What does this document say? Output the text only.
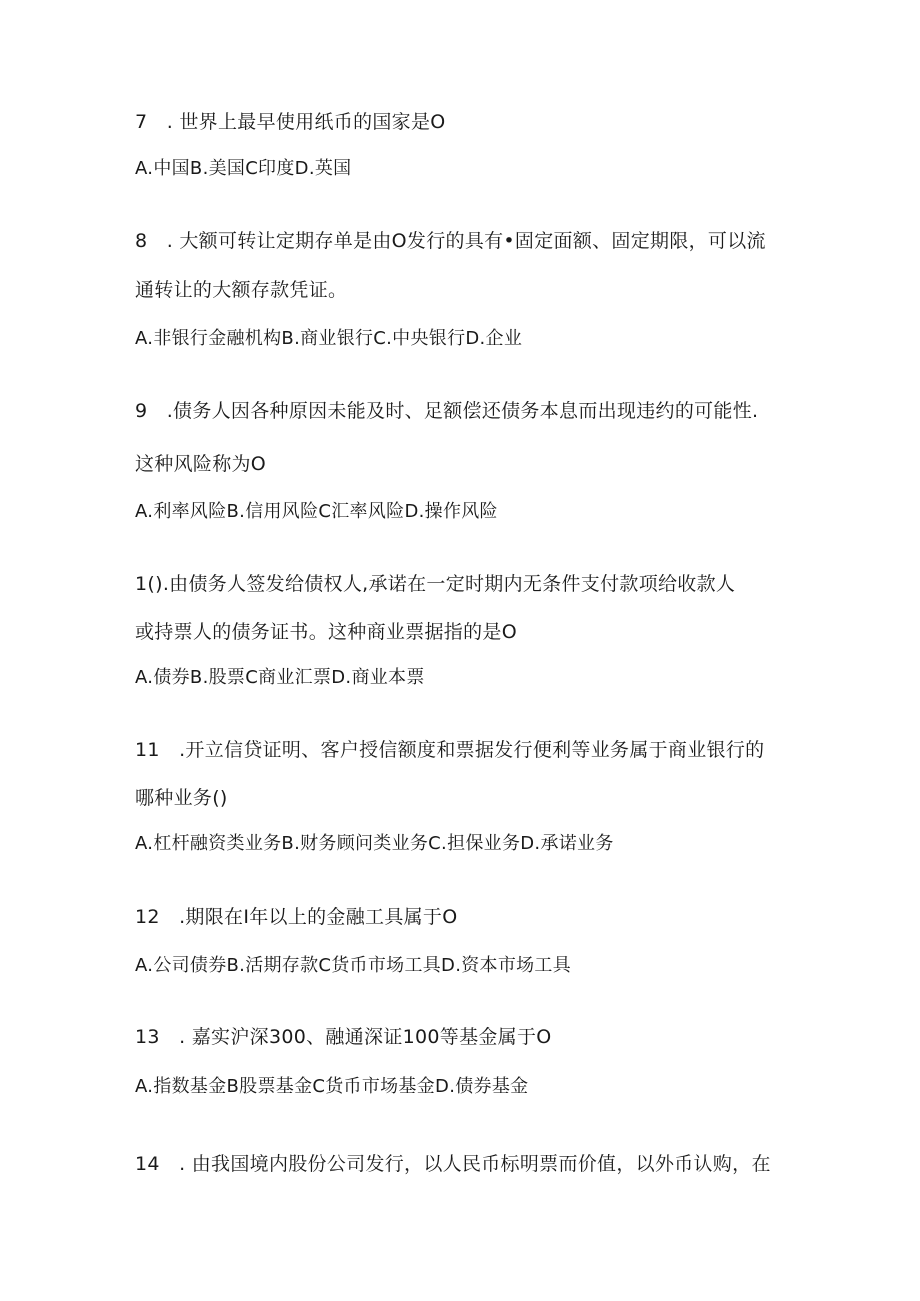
7　. 世界上最早使用纸币的国家是O
A.中国B.美国C印度D.英国
8　. 大额可转让定期存单是由O发行的具有•固定面额、固定期限，可以流
通转让的大额存款凭证。
A.非银行金融机构B.商业银行C.中央银行D.企业
9　.债务人因各种原因未能及时、足额偿还债务本息而出现违约的可能性.
这种风险称为O
A.利率风险B.信用风险C汇率风险D.操作风险
1().由债务人签发给债权人,承诺在一定时期内无条件支付款项给收款人
或持票人的债务证书。这种商业票据指的是O
A.债券B.股票C商业汇票D.商业本票
11　.开立信贷证明、客户授信额度和票据发行便利等业务属于商业银行的
哪种业务()
A.杠杆融资类业务B.财务顾问类业务C.担保业务D.承诺业务
12　.期限在I年以上的金融工具属于O
A.公司债券B.活期存款C货币市场工具D.资本市场工具
13　. 嘉实沪深300、融通深证100等基金属于O
A.指数基金B股票基金C货币市场基金D.债券基金
14　. 由我国境内股份公司发行，以人民币标明票而价值，以外币认购，在
